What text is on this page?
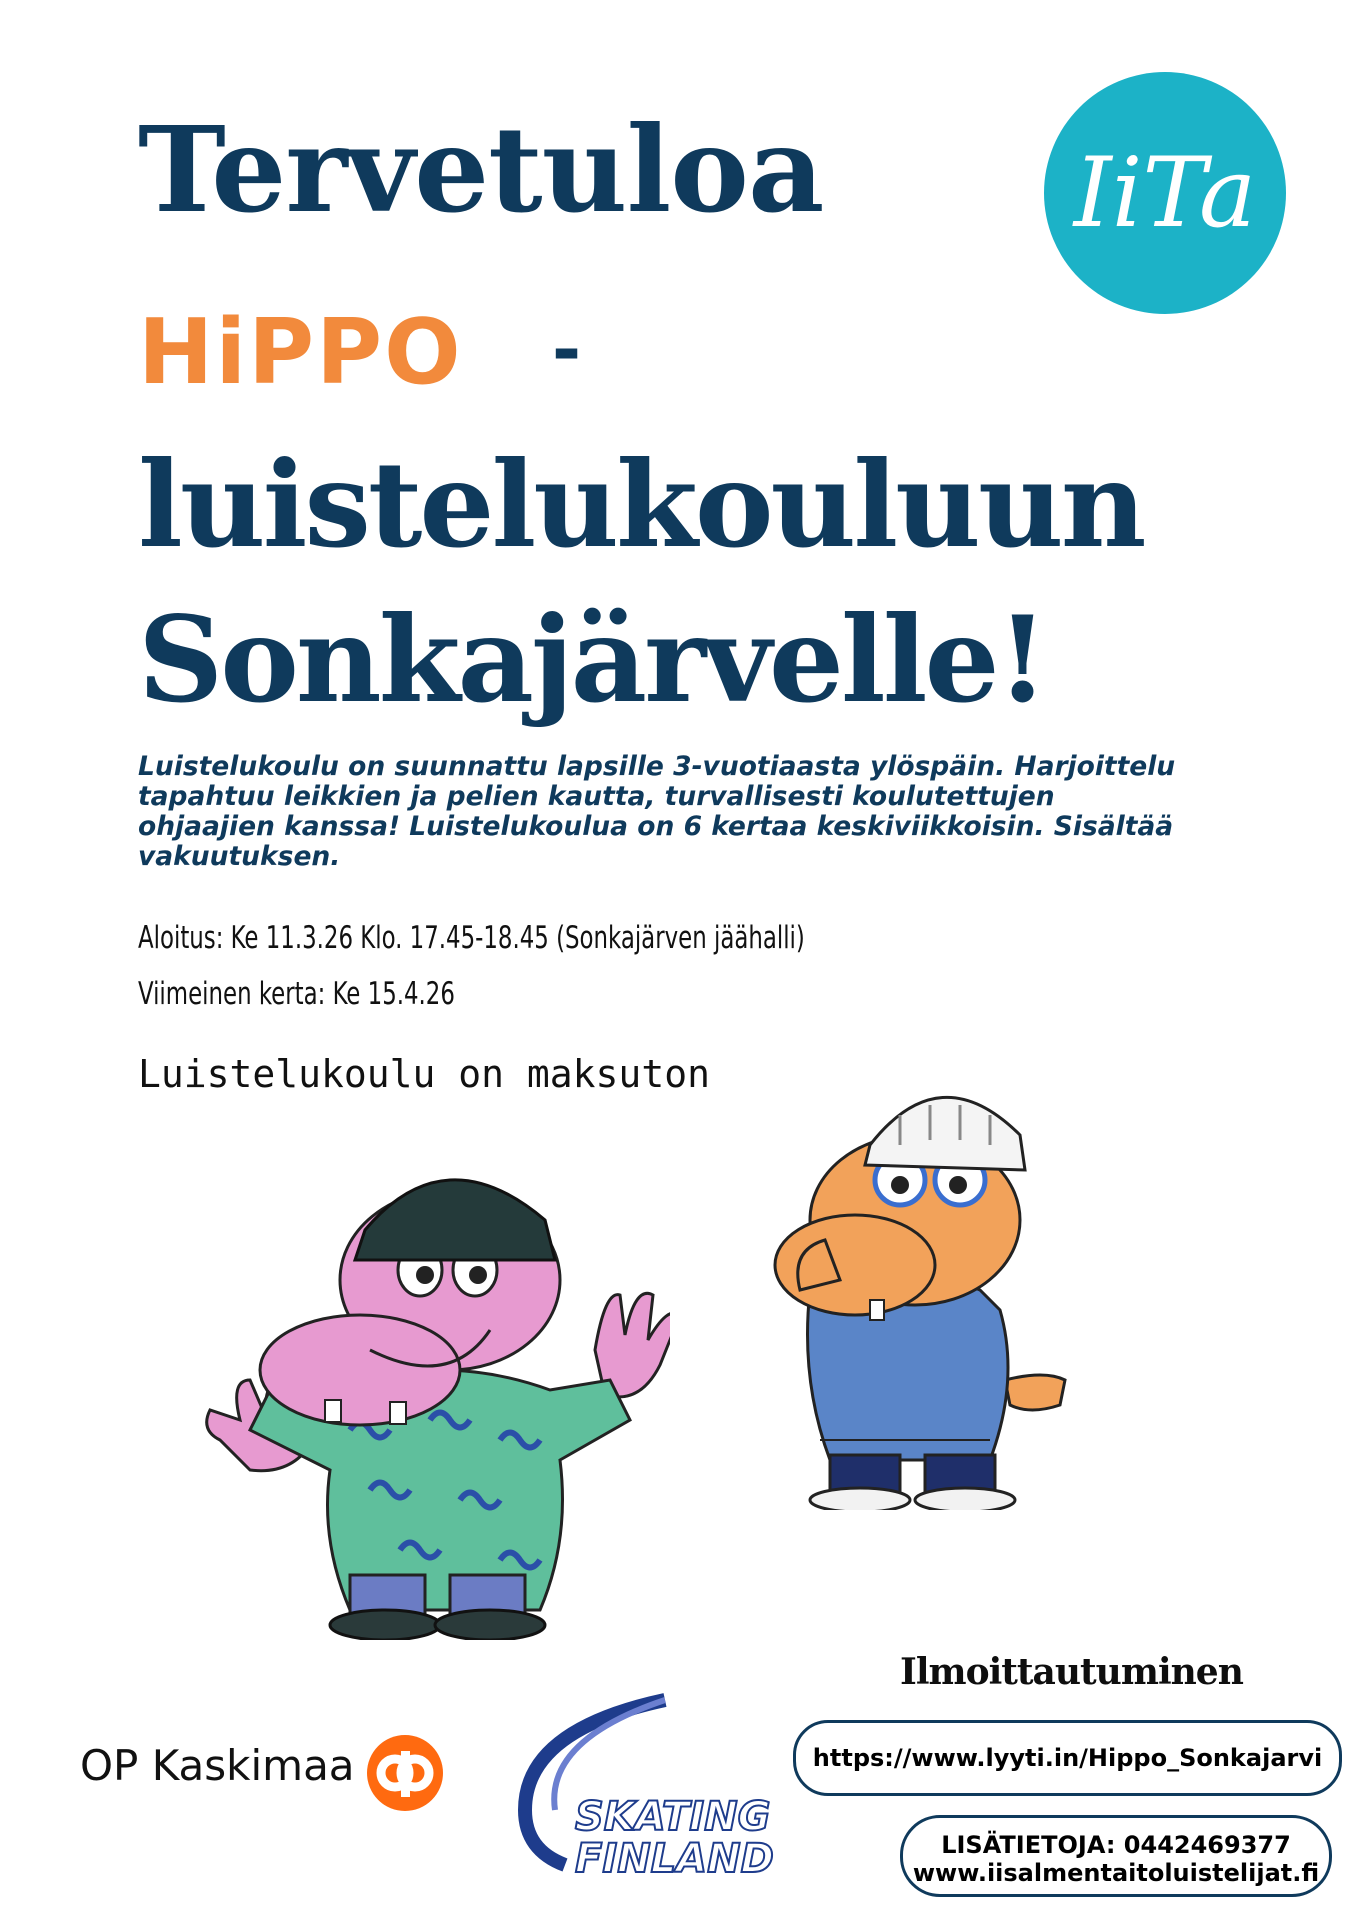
Tervetuloa
HiPPO -
luistelukouluun
Sonkajärvelle!
IiTa
Luistelukoulu on suunnattu lapsille 3-vuotiaasta ylöspäin. Harjoittelu tapahtuu leikkien ja pelien kautta, turvallisesti koulutettujen ohjaajien kanssa! Luistelukoulua on 6 kertaa keskiviikkoisin. Sisältää vakuutuksen.
Aloitus: Ke 11.3.26 Klo. 17.45-18.45 (Sonkajärven jäähalli)
Viimeinen kerta: Ke 15.4.26
Luistelukoulu on maksuton
Ilmoittautuminen
https://www.lyyti.in/Hippo_Sonkajarvi
LISÄTIETOJA: 0442469377
www.iisalmentaitoluistelijat.fi
OP Kaskimaa
SKATING
FINLAND
